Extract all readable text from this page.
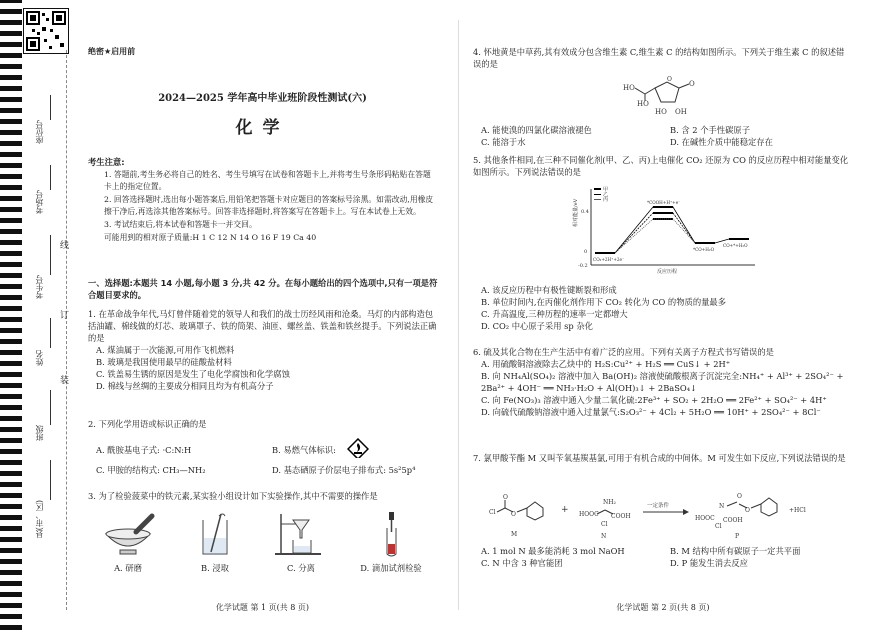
座位号
考场号
考生号
姓名
班级
县(市、区)
线
订
装
绝密★启用前
2024—2025 学年高中毕业班阶段性测试(六)
化学
考生注意:

1. 答题前,考生务必将自己的姓名、考生号填写在试卷和答题卡上,并将考生号条形码粘贴在答题卡上的指定位置。

2. 回答选择题时,选出每小题答案后,用铅笔把答题卡对应题目的答案标号涂黑。如需改动,用橡皮擦干净后,再选涂其他答案标号。回答非选择题时,将答案写在答题卡上。写在本试卷上无效。

3. 考试结束后,将本试卷和答题卡一并交回。

可能用到的相对原子质量:H 1 C 12 N 14 O 16 F 19 Ca 40

一、选择题:本题共 14 小题,每小题 3 分,共 42 分。在每小题给出的四个选项中,只有一项是符合题目要求的。
1. 在革命战争年代,马灯曾伴随着党的领导人和我们的战士历经风雨和沧桑。马灯的内部构造包括油罐、棉线做的灯芯、玻璃罩子、铁的筒架、油匝、螺丝盖、铁盖和铁丝提手。下列说法正确的是
A. 煤油属于一次能源,可用作飞机燃料
B. 玻璃是我国使用最早的硅酸盐材料
C. 铁盖易生锈的原因是发生了电化学腐蚀和化学腐蚀
D. 棉线与丝绸的主要成分相同且均为有机高分子
2. 下列化学用语或标识正确的是
A. 酰胺基电子式: ·C:N:H	B. 易燃气体标识:
C. 甲胺的结构式: CH₃—NH₂	D. 基态硒原子价层电子排布式: 5s²5p⁴
3. 为了检验菠菜中的铁元素,某实验小组设计如下实验操作,其中不需要的操作是
A. 研磨	B. 浸取	C. 分离	D. 滴加试剂检验
化学试题 第 1 页(共 8 页)
4. 怀地黄是中草药,其有效成分包含维生素 C,维生素 C 的结构如图所示。下列关于维生素 C 的叙述错误的是
HO
HO
O
O
HO OH
A. 能使溴的四氯化碳溶液褪色	B. 含 2 个手性碳原子
C. 能溶于水	D. 在碱性介质中能稳定存在
5. 其他条件相同,在三种不同催化剂(甲、乙、丙)上电催化 CO₂ 还原为 CO 的反应历程中相对能量变化如图所示。下列说法错误的是
相对能量/eV 0.4
0
-0.2
甲
乙
丙
CO₂+2H⁺+2e⁻
*COOH+H⁺+e⁻
*CO+H₂O
CO+*+H₂O
反应历程
A. 该反应历程中有极性键断裂和形成
B. 单位时间内,在丙催化剂作用下 CO₂ 转化为 CO 的物质的量最多
C. 升高温度,三种历程的速率一定都增大
D. CO₂ 中心原子采用 sp 杂化
6. 硫及其化合物在生产生活中有着广泛的应用。下列有关离子方程式书写错误的是
A. 用硫酸铜溶液除去乙炔中的 H₂S:Cu²⁺ + H₂S ══ CuS↓ + 2H⁺
B. 向 NH₄Al(SO₄)₂ 溶液中加入 Ba(OH)₂ 溶液使硫酸根离子沉淀完全:NH₄⁺ + Al³⁺ + 2SO₄²⁻ + 2Ba²⁺ + 4OH⁻ ══ NH₃·H₂O + Al(OH)₃↓ + 2BaSO₄↓
C. 向 Fe(NO₃)₃ 溶液中通入少量二氧化硫:2Fe³⁺ + SO₂ + 2H₂O ══ 2Fe²⁺ + SO₄²⁻ + 4H⁺
D. 向硫代硫酸钠溶液中通入过量氯气:S₂O₃²⁻ + 4Cl₂ + 5H₂O ══ 10H⁺ + 2SO₄²⁻ + 8Cl⁻
7. 氯甲酸苄酯 M 又叫苄氧基羰基氯,可用于有机合成的中间体。M 可发生如下反应,下列说法错误的是
Cl
O
O
M
+ HOOC
NH₂
COOH
Cl
N
一定条件
HOOC
N
Cl
COOH
O
O	+HCl
P
A. 1 mol N 最多能消耗 3 mol NaOH	B. M 结构中所有碳原子一定共平面
C. N 中含 3 种官能团	D. P 能发生消去反应
化学试题 第 2 页(共 8 页)
